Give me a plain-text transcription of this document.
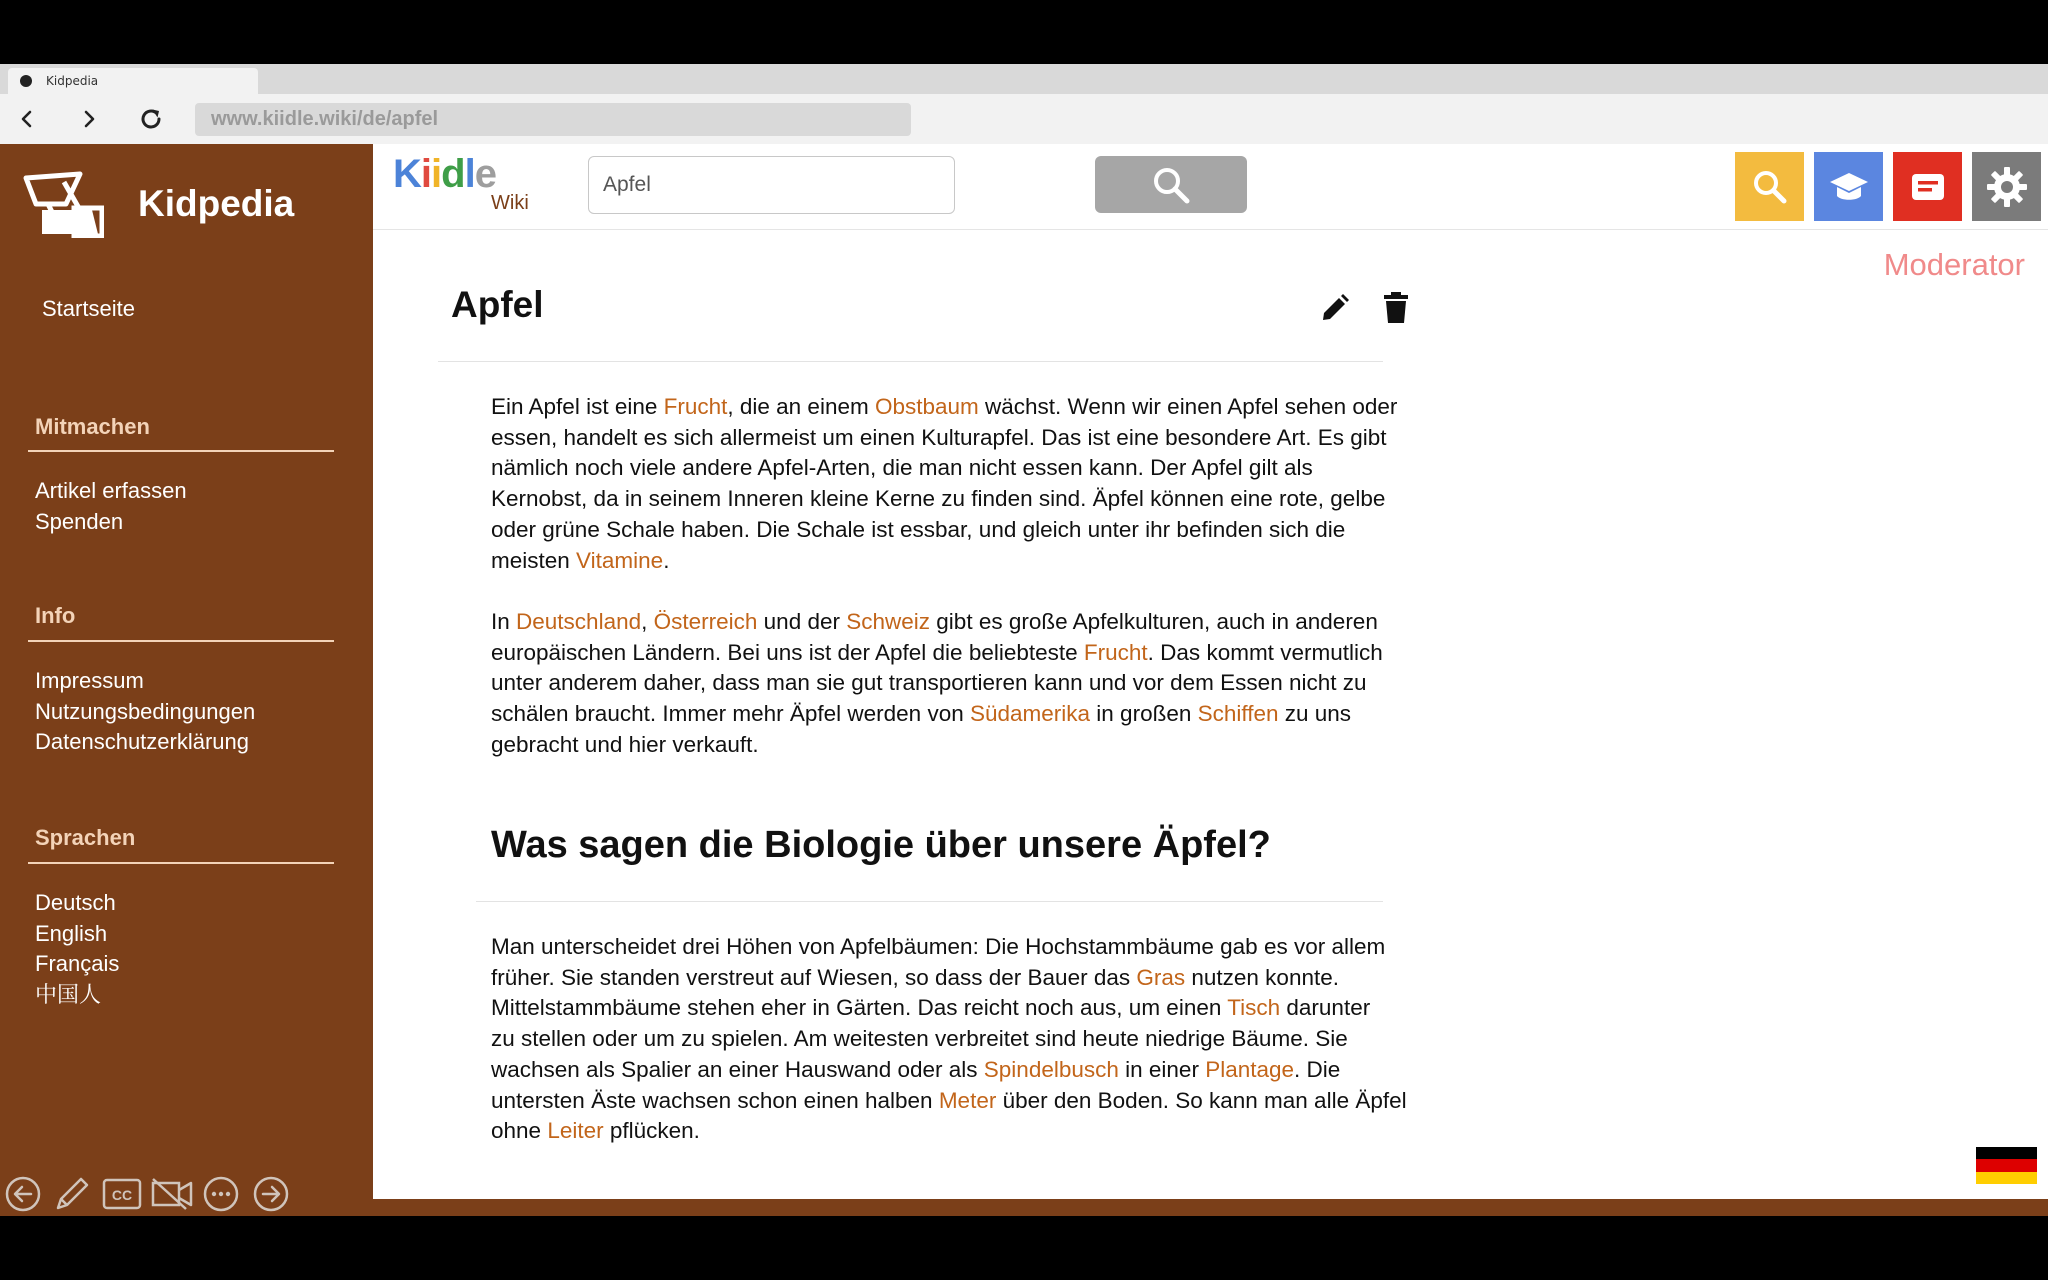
Kidpedia
www.kiidle.wiki/de/apfel
Kidpedia
Startseite
Mitmachen
Artikel erfassen
Spenden
Info
Impressum
Nutzungsbedingungen
Datenschutzerklärung
Sprachen
Deutsch
English
Français
中国人
CC
Kiidle
Wiki
Apfel
Moderator
Apfel

Ein Apfel ist eine Frucht, die an einem Obstbaum wächst. Wenn wir einen Apfel sehen oder
essen, handelt es sich allermeist um einen Kulturapfel. Das ist eine besondere Art. Es gibt
nämlich noch viele andere Apfel-Arten, die man nicht essen kann. Der Apfel gilt als
Kernobst, da in seinem Inneren kleine Kerne zu finden sind. Äpfel können eine rote, gelbe
oder grüne Schale haben. Die Schale ist essbar, und gleich unter ihr befinden sich die
meisten Vitamine.

In Deutschland, Österreich und der Schweiz gibt es große Apfelkulturen, auch in anderen
europäischen Ländern. Bei uns ist der Apfel die beliebteste Frucht. Das kommt vermutlich
unter anderem daher, dass man sie gut transportieren kann und vor dem Essen nicht zu
schälen braucht. Immer mehr Äpfel werden von Südamerika in großen Schiffen zu uns
gebracht und hier verkauft.

Was sagen die Biologie über unsere Äpfel?

Man unterscheidet drei Höhen von Apfelbäumen: Die Hochstammbäume gab es vor allem
früher. Sie standen verstreut auf Wiesen, so dass der Bauer das Gras nutzen konnte.
Mittelstammbäume stehen eher in Gärten. Das reicht noch aus, um einen Tisch darunter
zu stellen oder um zu spielen. Am weitesten verbreitet sind heute niedrige Bäume. Sie
wachsen als Spalier an einer Hauswand oder als Spindelbusch in einer Plantage. Die
untersten Äste wachsen schon einen halben Meter über den Boden. So kann man alle Äpfel
ohne Leiter pflücken.
